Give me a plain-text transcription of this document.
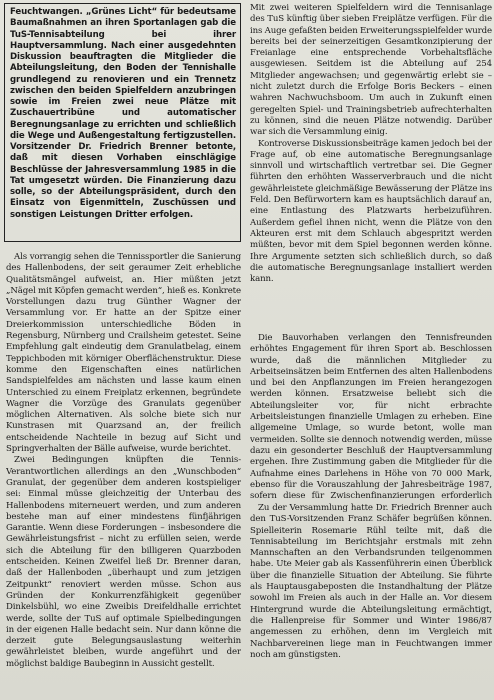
Feuchtwangen. „Grünes Licht“ für bedeutsame Baumaßnahmen an ihren Sportanlagen gab die TuS-Tennisabteilung bei ihrer Hauptversammlung. Nach einer ausgedehnten Diskussion beauftragten die Mitglieder die Abteilungsleitung, den Boden der Tennishalle grundlegend zu renovieren und ein Trennetz zwischen den beiden Spielfeldern anzubringen sowie im Freien zwei neue Plätze mit Zuschauertribüne und automatischer Beregnungsanlage zu errichten und schließlich die Wege und Außengestaltung fertigzustellen. Vorsitzender Dr. Friedrich Brenner betonte, daß mit diesen Vorhaben einschlägige Beschlüsse der Jahresversammlung 1985 in die Tat umgesetzt würden. Die Finanzierung dazu solle, so der Abteilungspräsident, durch den Einsatz von Eigenmitteln, Zuschüssen und sonstigen Leistungen Dritter erfolgen.

Als vorrangig sehen die Tennissportler die Sanierung des Hallenbodens, der seit geraumer Zeit erhebliche Qualitätsmängel aufweist, an. Hier müßten jetzt „Nägel mit Köpfen gemacht werden“, hieß es. Konkrete Vorstellungen dazu trug Günther Wagner der Versammlung vor. Er hatte an der Spitze einer Dreierkommission unterschiedliche Böden in Regensburg, Nürnberg und Crailsheim getestet. Seine Empfehlung galt eindeutig dem Granulatbelag, einem Teppichboden mit körniger Oberflächenstruktur. Diese komme den Eigenschaften eines natürlichen Sandspielfeldes am nächsten und lasse kaum einen Unterschied zu einem Freiplatz erkennen, begründete Wagner die Vorzüge des Granulats gegenüber möglichen Alternativen. Als solche biete sich nur Kunstrasen mit Quarzsand an, der freilich entscheidende Nachteile in bezug auf Sicht und Springverhalten der Bälle aufweise, wurde berichtet.

Zwei Bedingungen knüpften die Tennis-Verantwortlichen allerdings an den „Wunschboden“ Granulat, der gegenüber dem anderen kostspieliger sei: Einmal müsse gleichzeitig der Unterbau des Hallenbodens miterneuert werden, und zum anderen bestehe man auf einer mindestens fünfjährigen Garantie. Wenn diese Forderungen – insbesondere die Gewährleistungsfrist – nicht zu erfüllen seien, werde sich die Abteilung für den billigeren Quarzboden entscheiden. Keinen Zweifel ließ Dr. Brenner daran, daß der Hallenboden „überhaupt und zum jetzigen Zeitpunkt“ renoviert werden müsse. Schon aus Gründen der Konkurrenzfähigkeit gegenüber Dinkelsbühl, wo eine Zweibis Dreifeldhalle errichtet werde, sollte der TuS auf optimale Spielbedingungen in der eigenen Halle bedacht sein. Nur dann könne die derzeit gute Belegungsauslastung weiterhin gewährleistet bleiben, wurde angeführt und der möglichst baldige Baubeginn in Aussicht gestellt.

Mit zwei weiteren Spielfeldern wird die Tennisanlage des TuS künftig über sieben Freiplätze verfügen. Für die ins Auge gefaßten beiden Erweiterungsspielfelder wurde bereits bei der seinerzeitigen Gesamtkonzipierung der Freianlage eine entsprechende Vorbehaltsfläche ausgewiesen. Seitdem ist die Abteilung auf 254 Mitglieder angewachsen; und gegenwärtig erlebt sie – nicht zuletzt durch die Erfolge Boris Beckers – einen wahren Nachwuchsboom. Um auch in Zukunft einen geregelten Spiel- und Trainingsbetrieb aufrechterhalten zu können, sind die neuen Plätze notwendig. Darüber war sich die Versammlung einig.

Kontroverse Diskussionsbeiträge kamen jedoch bei der Frage auf, ob eine automatische Beregnungsanlage sinnvoll und wirtschaftlich vertretbar sei. Die Gegner führten den erhöhten Wasserverbrauch und die nicht gewährleistete gleichmäßige Bewässerung der Plätze ins Feld. Den Befürwortern kam es hauptsächlich darauf an, eine Entlastung des Platzwarts herbeizuführen. Außerdem gefiel ihnen nicht, wenn die Plätze von den Akteuren erst mit dem Schlauch abgespritzt werden müßten, bevor mit dem Spiel begonnen werden könne. Ihre Argumente setzten sich schließlich durch, so daß die automatische Beregnungsanlage installiert werden kann.

Die Bauvorhaben verlangen den Tennisfreunden erhöhtes Engagement für ihren Sport ab. Beschlossen wurde, daß die männlichen Mitglieder zu Arbeitseinsätzen beim Entfernen des alten Hallenbodens und bei den Anpflanzungen im Freien herangezogen werden können. Ersatzweise beliebt sich die Abteilungsleiter vor, für nicht erbrachte Arbeitsleistungen finanzielle Umlagen zu erheben. Eine allgemeine Umlage, so wurde betont, wolle man vermeiden. Sollte sie dennoch notwendig werden, müsse dazu ein gesonderter Beschluß der Hauptversammlung ergehen. Ihre Zustimmung gaben die Mitglieder für die Aufnahme eines Darlehens in Höhe von 70 000 Mark, ebenso für die Vorauszahlung der Jahresbeiträge 1987, sofern diese für Zwischenfinanzierungen erforderlich

Zu der Versammlung hatte Dr. Friedrich Brenner auch den TuS-Vorsitzenden Franz Schäfer begrüßen können. Spielleiterin Rosemarie Rühl teilte mit, daß die Tennisabteilung im Berichtsjahr erstmals mit zehn Mannschaften an den Verbandsrunden teilgenommen habe. Ute Meier gab als Kassenführerin einen Überblick über die finanzielle Situation der Abteilung. Sie führte als Hauptausgabeposten die Instandhaltung der Plätze sowohl im Freien als auch in der Halle an. Vor diesem Hintergrund wurde die Abteilungsleitung ermächtigt, die Hallenpreise für Sommer und Winter 1986/87 angemessen zu erhöhen, denn im Vergleich mit Nachbarvereinen liege man in Feuchtwangen immer noch am günstigsten.
